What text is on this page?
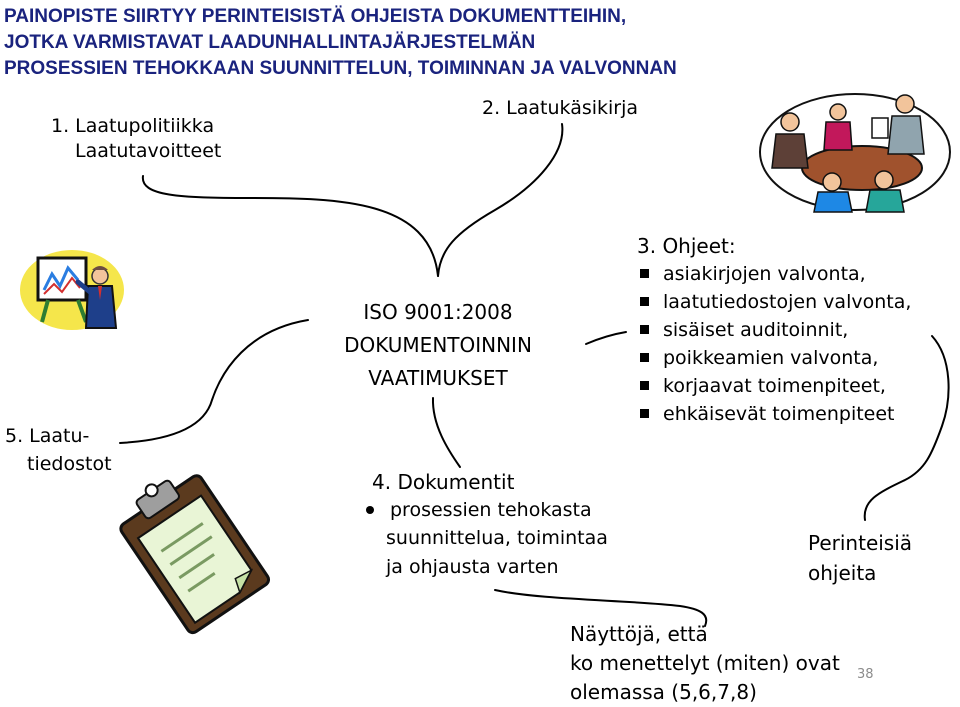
PAINOPISTE SIIRTYY PERINTEISISTÄ OHJEISTA DOKUMENTTEIHIN,
JOTKA VARMISTAVAT LAADUNHALLINTAJÄRJESTELMÄN
PROSESSIEN TEHOKKAAN SUUNNITTELUN, TOIMINNAN JA VALVONNAN
1. Laatupolitiikka
Laatutavoitteet
2. Laatukäsikirja
ISO 9001:2008
DOKUMENTOINNIN
VAATIMUKSET
3. Ohjeet:
asiakirjojen valvonta,
laatutiedostojen valvonta,
sisäiset auditoinnit,
poikkeamien valvonta,
korjaavat toimenpiteet,
ehkäisevät toimenpiteet
4. Dokumentit
prosessien tehokasta
suunnittelua, toimintaa
ja ohjausta varten
5. Laatu-
tiedostot
Perinteisiä
ohjeita
Näyttöjä, että
ko menettelyt (miten) ovat
olemassa (5,6,7,8)
38
